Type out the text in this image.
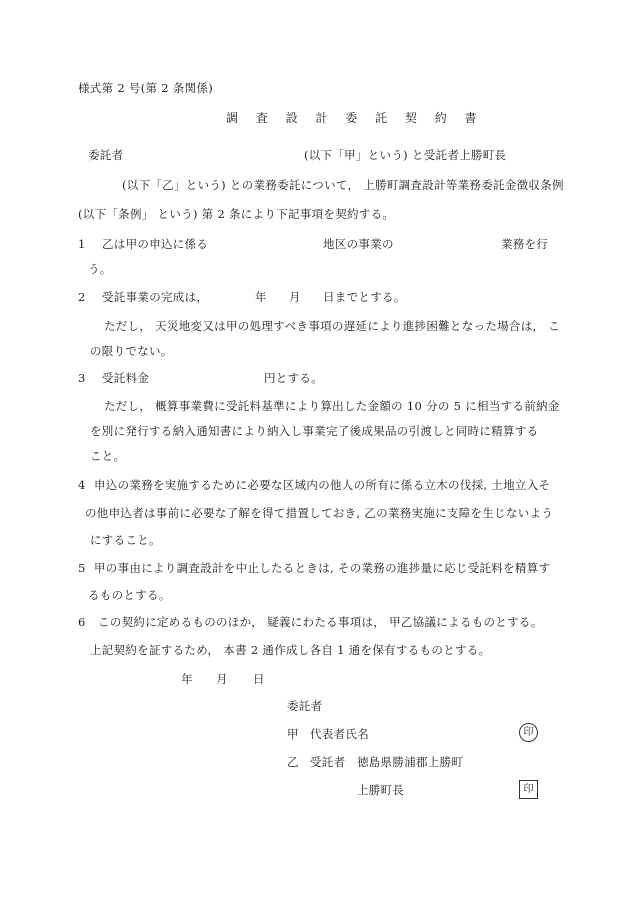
様式第 2 号(第 2 条関係)
調 査 設 計 委 託 契 約 書
委託者	(以下「甲」という) と受託者上勝町長
(以下「乙」という) との業務委託について， 上勝町調査設計等業務委託金徴収条例
(以下「条例」 という) 第 2 条により下記事項を契約する。
1 乙は甲の申込に係る	地区の事業の	業務を行
う。
2 受託事業の完成は，	年 月 日までとする。
ただし， 天災地変又は甲の処理すべき事項の遅延により進捗困難となった場合は， こ
の限りでない。
3 受託料金	円とする。
ただし， 概算事業費に受託料基準により算出した金額の 10 分の 5 に相当する前納金
を別に発行する納入通知書により納入し事業完了後成果品の引渡しと同時に精算する
こと。
4 申込の業務を実施するために必要な区域内の他人の所有に係る立木の伐採, 土地立入そ
の他申込者は事前に必要な了解を得て措置しておき, 乙の業務実施に支障を生じないよう
にすること。
5 甲の事由により調査設計を中止したるときは, その業務の進捗量に応じ受託料を精算す
るものとする。
6 この契約に定めるもののほか， 疑義にわたる事項は， 甲乙協議によるものとする。
上記契約を証するため， 本書 2 通作成し各自 1 通を保有するものとする。
年 月 日
委託者
甲 代表者氏名	印
乙 受託者 徳島県勝浦郡上勝町
上勝町長	印
